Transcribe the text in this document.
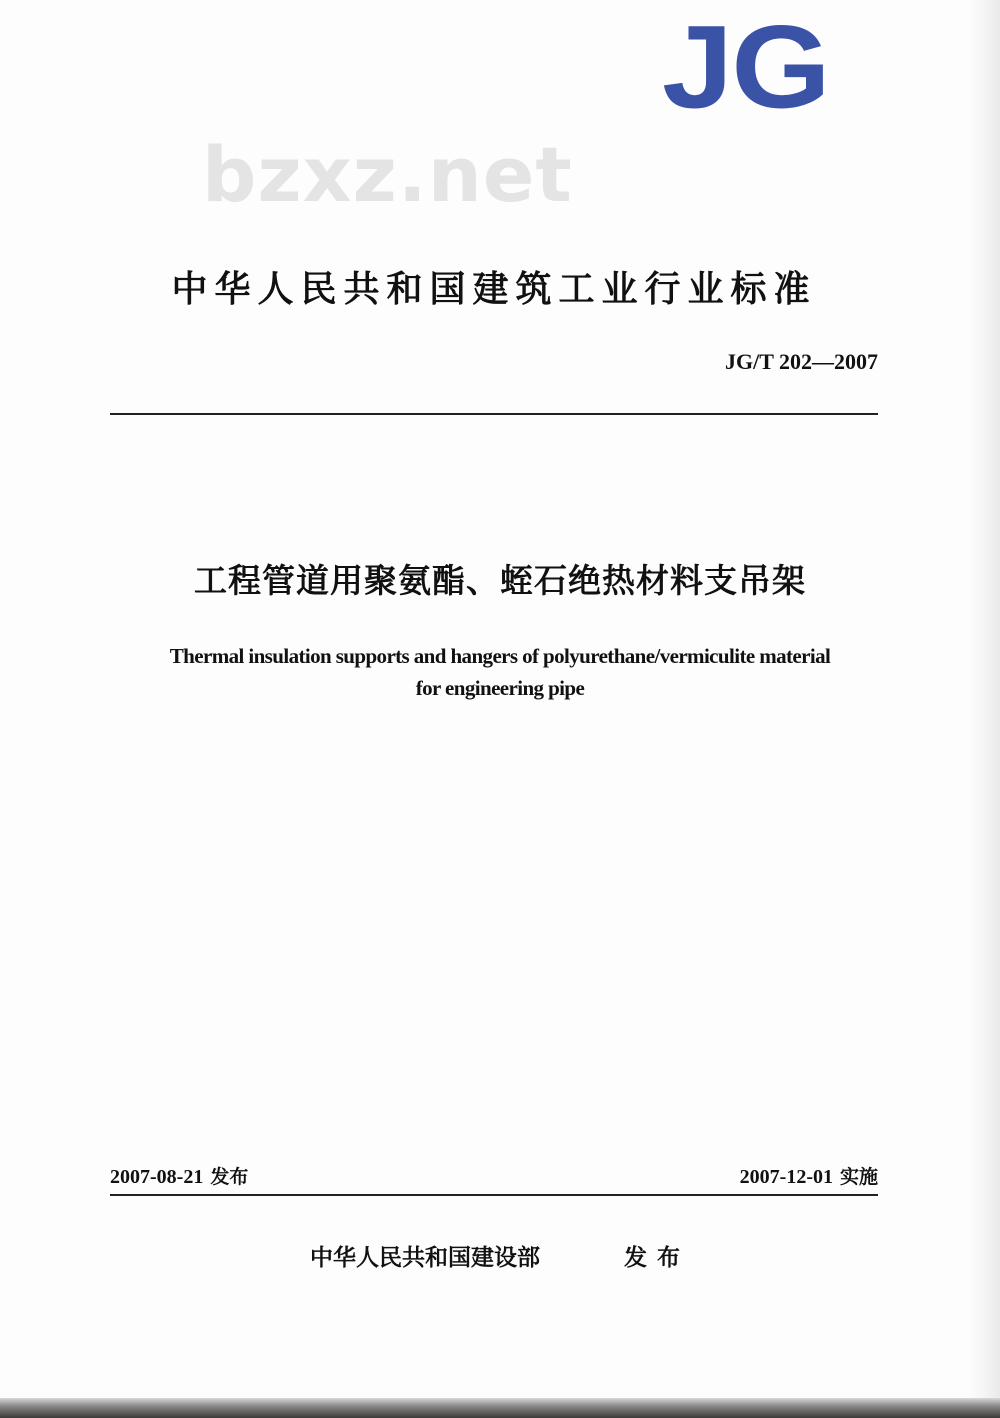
JG
bzxz.net
中华人民共和国建筑工业行业标准
JG/T 202—2007
工程管道用聚氨酯、蛭石绝热材料支吊架
Thermal insulation supports and hangers of polyurethane/vermiculite material
for engineering pipe
2007-08-21 发布	2007-12-01 实施
中华人民共和国建设部	发布
